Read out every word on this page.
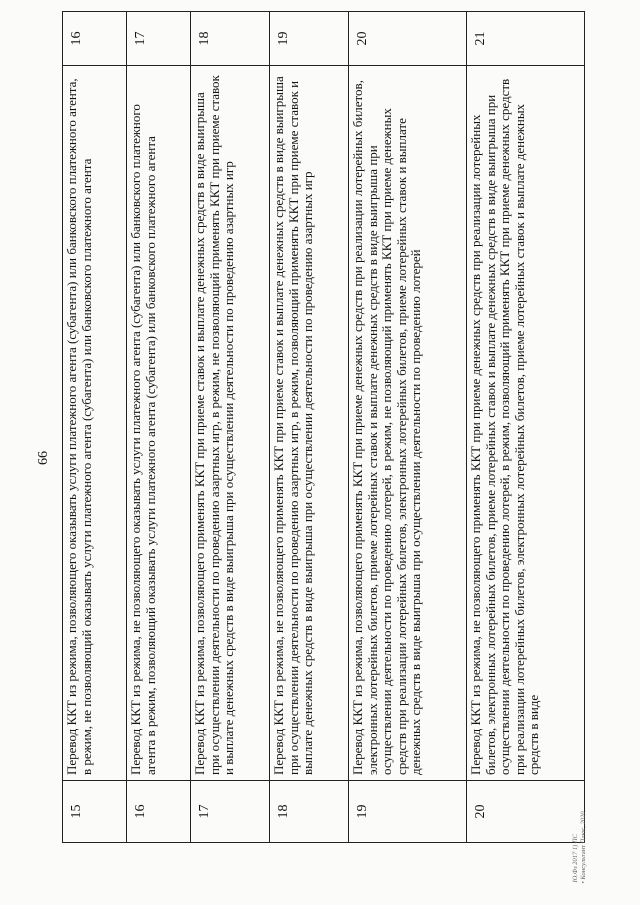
66
15	Перевод ККТ из режима, позволяющего оказывать услуги платежного агента (субагента) или банковского платежного агента, в режим, не позволяющий оказывать услуги платежного агента (субагента) или банковского платежного агента	16

16	Перевод ККТ из режима, не позволяющего оказывать услуги платежного агента (субагента) или банковского платежного агента в режим, позволяющий оказывать услуги платежного агента (субагента) или банковского платежного агента	17

17	Перевод ККТ из режима, позволяющего применять ККТ при приеме ставок и выплате денежных средств в виде выигрыша при осуществлении деятельности по проведению азартных игр, в режим, не позволяющий применять ККТ при приеме ставок и выплате денежных средств в виде выигрыша при осуществлении деятельности по проведению азартных игр	18

18	Перевод ККТ из режима, не позволяющего применять ККТ при приеме ставок и выплате денежных средств в виде выигрыша при осуществлении деятельности по проведению азартных игр, в режим, позволяющий применять ККТ при приеме ставок и выплате денежных средств в виде выигрыша при осуществлении деятельности по проведению азартных игр	19

19	Перевод ККТ из режима, позволяющего применять ККТ при приеме денежных средств при реализации лотерейных билетов, электронных лотерейных билетов, приеме лотерейных ставок и выплате денежных средств в виде выигрыша при осуществлении деятельности по проведению лотерей, в режим, не позволяющий применять ККТ при приеме денежных средств при реализации лотерейных билетов, электронных лотерейных билетов, приеме лотерейных ставок и выплате денежных средств в виде выигрыша при осуществлении деятельности по проведению лотерей	20

20	Перевод ККТ из режима, не позволяющего применять ККТ при приеме денежных средств при реализации лотерейных билетов, электронных лотерейных билетов, приеме лотерейных ставок и выплате денежных средств в виде выигрыша при осуществлении деятельности по проведению лотерей, в режим, позволяющий применять ККТ при приеме денежных средств при реализации лотерейных билетов, электронных лотерейных билетов, приеме лотерейных ставок и выплате денежных средств в виде	21
Ю.Фз 2017 1) ПС • Консультант Плюс, 2020
